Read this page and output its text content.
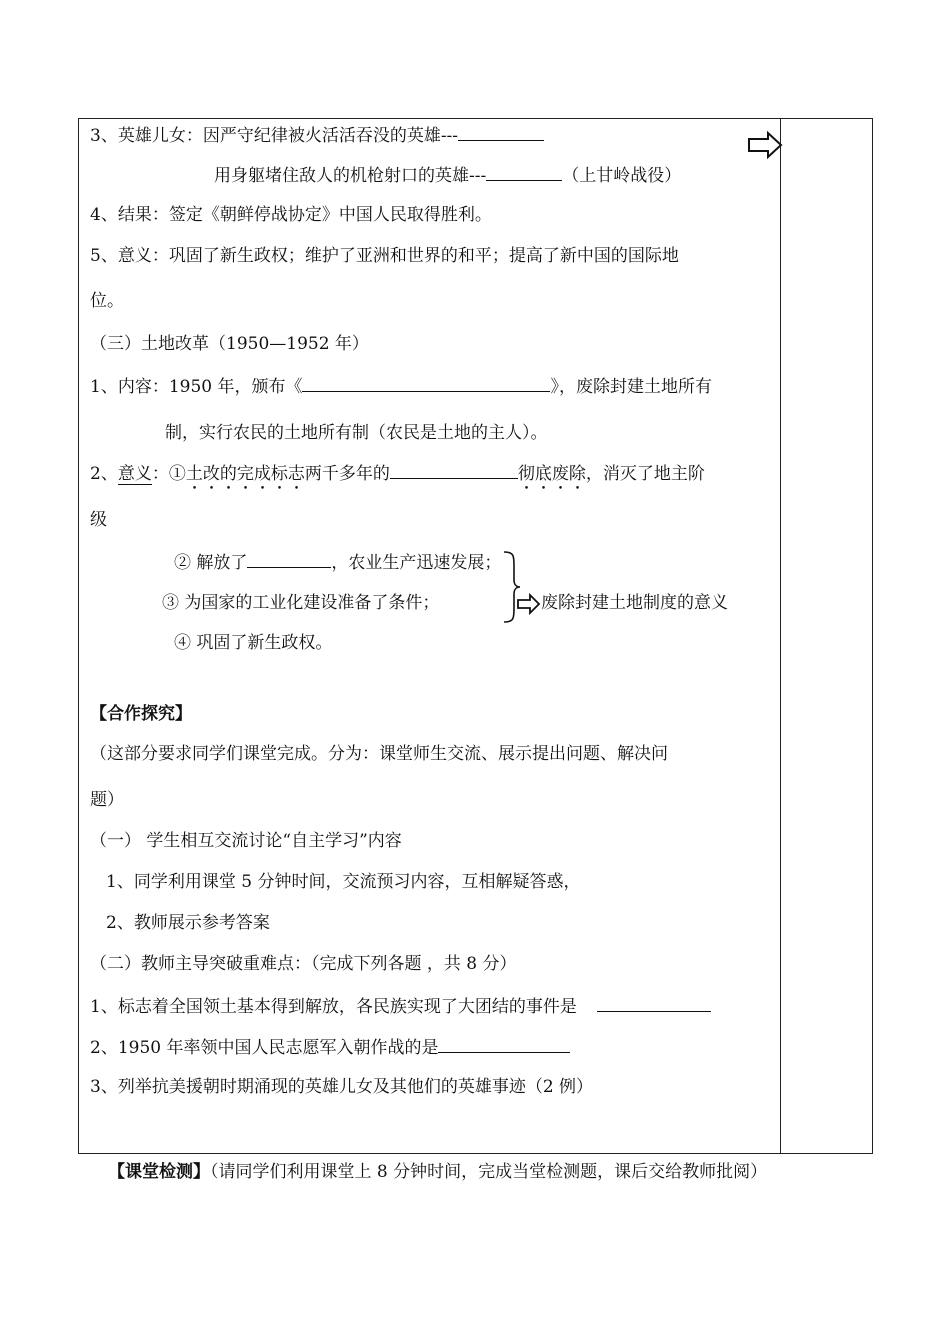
3、英雄儿女：因严守纪律被火活活吞没的英雄---
用身躯堵住敌人的机枪射口的英雄---	（上甘岭战役）
4、结果：签定《朝鲜停战协定》中国人民取得胜利。
5、意义：巩固了新生政权；维护了亚洲和世界的和平；提高了新中国的国际地
位。
（三）土地改革（1950—1952 年）
1、内容：1950 年，颁布《	》，废除封建土地所有
制，实行农民的土地所有制（农民是土地的主人）。
2、意义：①土改的完成标志两千多年的	彻底废除，消灭了地主阶
级
② 解放了	，农业生产迅速发展；
③ 为国家的工业化建设准备了条件；
④ 巩固了新生政权。
废除封建土地制度的意义
【合作探究】
（这部分要求同学们课堂完成。分为：课堂师生交流、展示提出问题、解决问
题）
（一） 学生相互交流讨论“自主学习”内容
1、同学利用课堂 5 分钟时间，交流预习内容，互相解疑答惑，
2、教师展示参考答案
（二）教师主导突破重难点：（完成下列各题 ，共 8 分）
1、标志着全国领土基本得到解放，各民族实现了大团结的事件是
2、1950 年率领中国人民志愿军入朝作战的是
3、列举抗美援朝时期涌现的英雄儿女及其他们的英雄事迹（2 例）
【课堂检测】（请同学们利用课堂上 8 分钟时间，完成当堂检测题，课后交给教师批阅）
